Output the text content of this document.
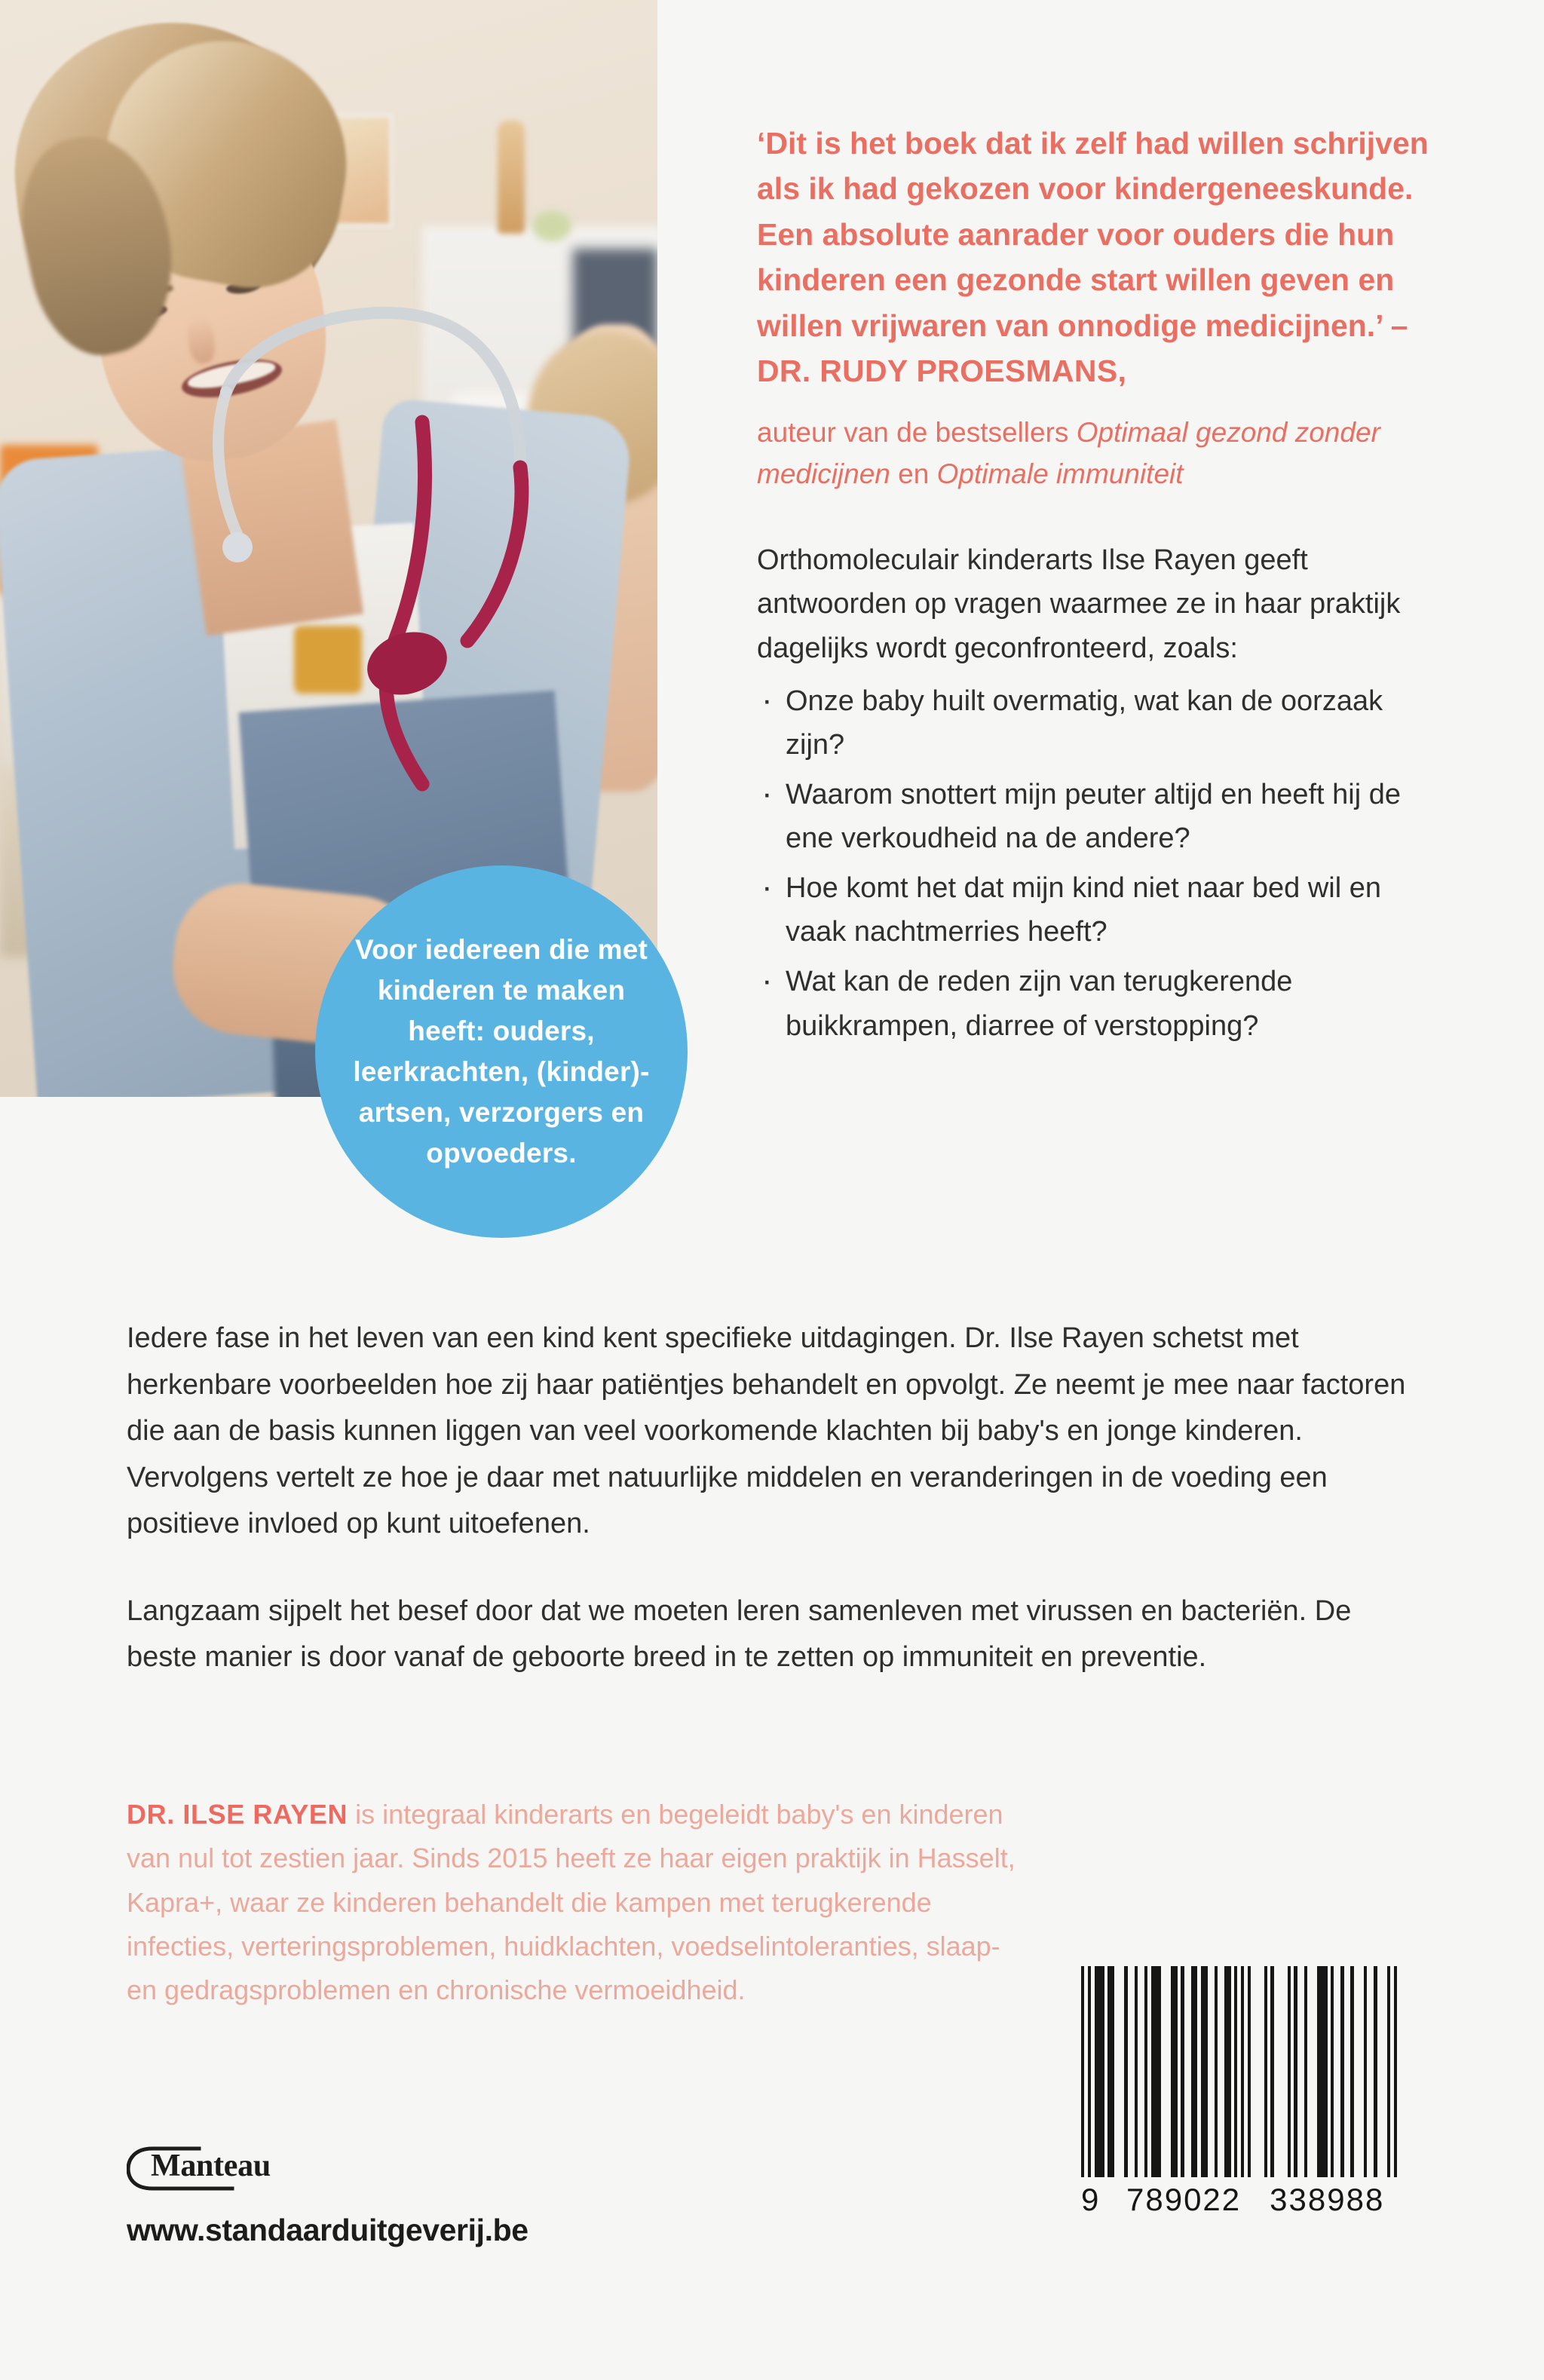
Voor iedereen die met kinderen te maken heeft: ouders, leerkrachten, (kinder)-artsen, verzorgers en opvoeders.
‘Dit is het boek dat ik zelf had willen schrijven als ik had gekozen voor kindergeneeskunde. Een absolute aanrader voor ouders die hun kinderen een gezonde start willen geven en willen vrijwaren van onnodige medicijnen.’ – DR. RUDY PROESMANS,
auteur van de bestsellers Optimaal gezond zonder medicijnen en Optimale immuniteit
Orthomoleculair kinderarts Ilse Rayen geeft antwoorden op vragen waarmee ze in haar praktijk dagelijks wordt geconfronteerd, zoals:
· Onze baby huilt overmatig, wat kan de oorzaak zijn?
· Waarom snottert mijn peuter altijd en heeft hij de ene verkoudheid na de andere?
· Hoe komt het dat mijn kind niet naar bed wil en vaak nachtmerries heeft?
· Wat kan de reden zijn van terugkerende buikkrampen, diarree of verstopping?

Iedere fase in het leven van een kind kent specifieke uitdagingen. Dr. Ilse Rayen schetst met herkenbare voorbeelden hoe zij haar patiëntjes behandelt en opvolgt. Ze neemt je mee naar factoren die aan de basis kunnen liggen van veel voorkomende klachten bij baby's en jonge kinderen. Vervolgens vertelt ze hoe je daar met natuurlijke middelen en veranderingen in de voeding een positieve invloed op kunt uitoefenen.

Langzaam sijpelt het besef door dat we moeten leren samenleven met virussen en bacteriën. De beste manier is door vanaf de geboorte breed in te zetten op immuniteit en preventie.

DR. ILSE RAYEN is integraal kinderarts en begeleidt baby's en kinderen van nul tot zestien jaar. Sinds 2015 heeft ze haar eigen praktijk in Hasselt, Kapra+, waar ze kinderen behandelt die kampen met terugkerende infecties, verteringsproblemen, huidklachten, voedselintoleranties, slaap- en gedragsproblemen en chronische vermoeidheid.
Manteau
www.standaarduitgeverij.be
9 789022 338988
